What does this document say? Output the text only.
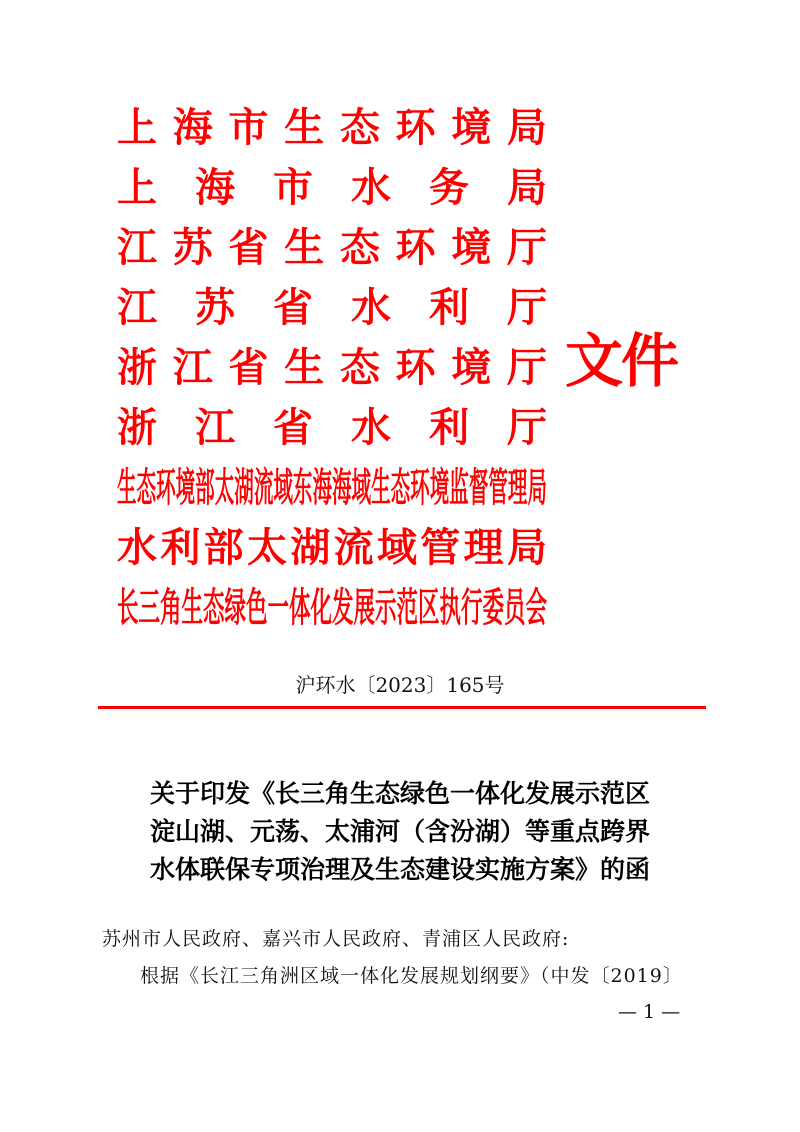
上 海 市 生 态 环 境 局
上 海 市 水 务 局
江 苏 省 生 态 环 境 厅
江 苏 省 水 利 厅
浙 江 省 生 态 环 境 厅
浙 江 省 水 利 厅
生态环境部太湖流域东海海域生态环境监督管理局
水 利 部 太 湖 流 域 管 理 局
长三角生态绿色一体化发展示范区执行委员会
文件
沪环水〔2023〕165号
关于印发《长三角生态绿色一体化发展示范区
淀山湖、元荡、太浦河（含汾湖）等重点跨界
水体联保专项治理及生态建设实施方案》的函
苏州市人民政府、嘉兴市人民政府、青浦区人民政府:
根据《长江三角洲区域一体化发展规划纲要》（中发〔2019〕
— 1 —
